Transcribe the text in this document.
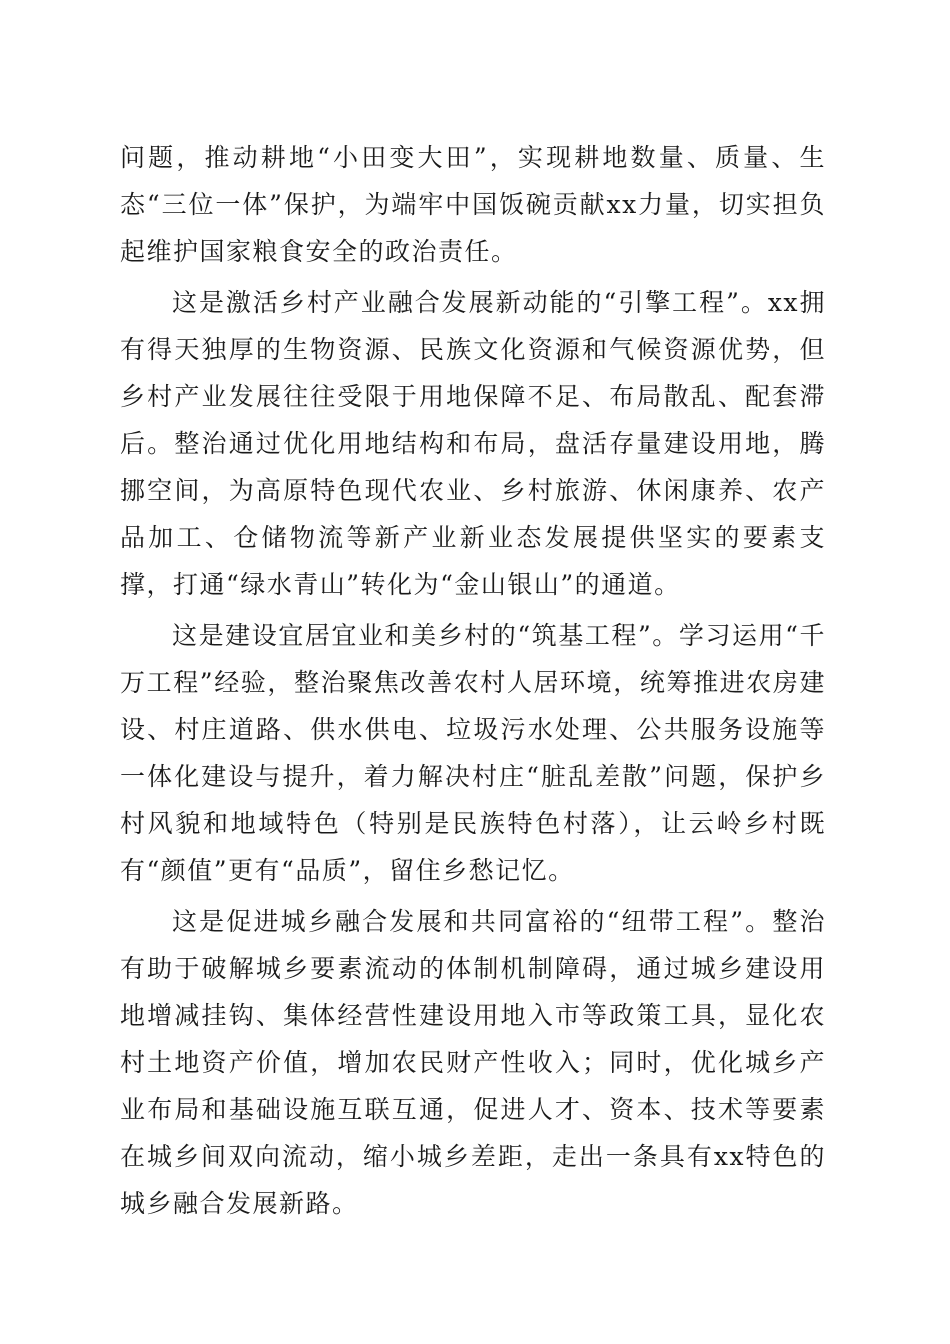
问题，推动耕地“小田变大田”，实现耕地数量、质量、生态“三位一体”保护，为端牢中国饭碗贡献xx力量，切实担负起维护国家粮食安全的政治责任。

这是激活乡村产业融合发展新动能的“引擎工程”。xx拥有得天独厚的生物资源、民族文化资源和气候资源优势，但乡村产业发展往往受限于用地保障不足、布局散乱、配套滞后。整治通过优化用地结构和布局，盘活存量建设用地，腾挪空间，为高原特色现代农业、乡村旅游、休闲康养、农产品加工、仓储物流等新产业新业态发展提供坚实的要素支撑，打通“绿水青山”转化为“金山银山”的通道。

这是建设宜居宜业和美乡村的“筑基工程”。学习运用“千万工程”经验，整治聚焦改善农村人居环境，统筹推进农房建设、村庄道路、供水供电、垃圾污水处理、公共服务设施等一体化建设与提升，着力解决村庄“脏乱差散”问题，保护乡村风貌和地域特色（特别是民族特色村落），让云岭乡村既有“颜值”更有“品质”，留住乡愁记忆。

这是促进城乡融合发展和共同富裕的“纽带工程”。整治有助于破解城乡要素流动的体制机制障碍，通过城乡建设用地增减挂钩、集体经营性建设用地入市等政策工具，显化农村土地资产价值，增加农民财产性收入；同时，优化城乡产业布局和基础设施互联互通，促进人才、资本、技术等要素在城乡间双向流动，缩小城乡差距，走出一条具有xx特色的城乡融合发展新路。
